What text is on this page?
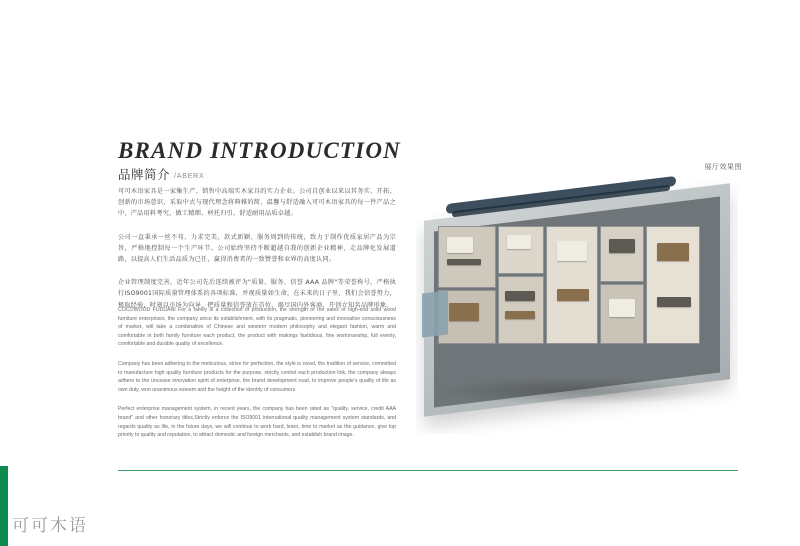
BRAND INTRODUCTION
品牌简介 /ABERX

可可木语家具是一家集生产、销售中高端实木家具的实力企业。公司自创业以来以其务实、开拓、创新的市场意识，采取中式与现代理念将典雅的简、温馨与舒适融入可可木语家具的每一件产品之中，产品用料考究、做工精细、材托归引、舒适耐用品质卓越。

公司一直秉承一丝不苟、力求完美、款式新颖、服务周到的传统，致力于制作优质家居产品为宗旨，严格地控制每一个生产环节。公司始终坚持不断超越自我的创新企业精神，走品牌化发展道路，以提高人们生活品质为已任，赢得消费者的一致赞誉和业界的高度认同。

企业管理制度完善，近年公司先后连续被评为"质量、服务、信誉 AAA 品牌"等荣誉称号，严格执行ISO9001国际质量管理体系的各项标准，并视质量如生命，在未来的日子里，我们会信誉努力，极取经验，时刻以市场为向导，把质量和信誉放在首位，竭尽国内外客商，开创立知名品牌形象。

COCOWOOD FUDUANI For a family is a collection of production, the strength of the sales of high-end solid wood furniture enterprises, the company since its establishment, with its pragmatic, pioneering and innovative consciousness of market, will take a combination of Chinese and western modern philosophy and elegant fashion, warm and comfortable in both family furniture each product, the product with makings fastidious, fine workmanship, full evenly, comfortable and durable quality of excellence.

Company has been adhering to the meticulous, strive for perfection, the style is novel, the tradition of service, committed to manufacture high quality furniture products for the purpose, strictly control each production link, the company always adhere to the uncease innovation spirit of enterprise, the brand development road, to improve people's quality of life as own duty, won unanimous esteem and the height of the identity of consumers.

Perfect enterprise management system, in recent years, the company has been rated as "quality, service, credit AAA brand" and other honorary titles,Strictly enforce the ISO9001 international quality management system standards, and regards quality as life, in the future days, we will continue to work hard, learn, time to market as the guidance, give top priority to quality and reputation, to attract domestic and foreign merchants, and establish brand image.

展厅效果图
可可木语
